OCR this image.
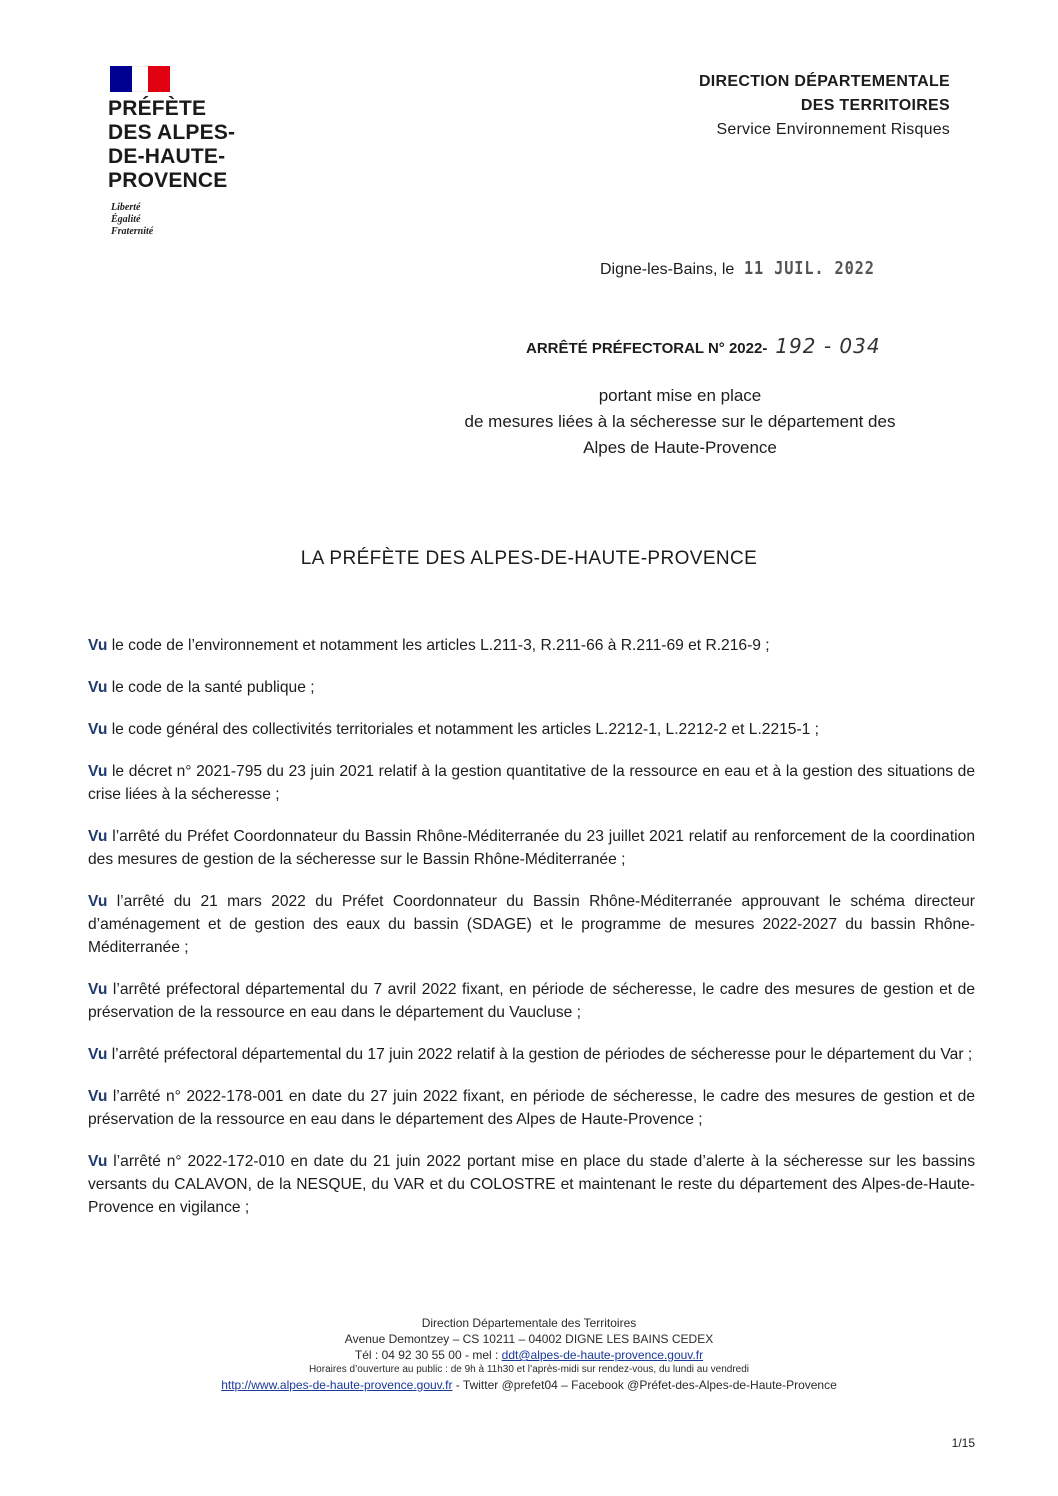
PRÉFÈTE
DES ALPES-
DE-HAUTE-
PROVENCE
Liberté
Égalité
Fraternité
DIRECTION DÉPARTEMENTALE
DES TERRITOIRES
Service Environnement Risques
Digne-les-Bains, le 11 JUIL. 2022
ARRÊTÉ PRÉFECTORAL N° 2022- 192 - 034
portant mise en place
de mesures liées à la sécheresse sur le département des
Alpes de Haute-Provence
LA PRÉFÈTE DES ALPES-DE-HAUTE-PROVENCE

Vu le code de l’environnement et notamment les articles L.211-3, R.211-66 à R.211-69 et R.216-9 ;

Vu le code de la santé publique ;

Vu le code général des collectivités territoriales et notamment les articles L.2212-1, L.2212-2 et L.2215-1 ;

Vu le décret n° 2021-795 du 23 juin 2021 relatif à la gestion quantitative de la ressource en eau et à la gestion des situations de crise liées à la sécheresse ;

Vu l’arrêté du Préfet Coordonnateur du Bassin Rhône-Méditerranée du 23 juillet 2021 relatif au renforcement de la coordination des mesures de gestion de la sécheresse sur le Bassin Rhône-Méditerranée ;

Vu l’arrêté du 21 mars 2022 du Préfet Coordonnateur du Bassin Rhône-Méditerranée approuvant le schéma directeur d’aménagement et de gestion des eaux du bassin (SDAGE) et le programme de mesures 2022-2027 du bassin Rhône-Méditerranée ;

Vu l’arrêté préfectoral départemental du 7 avril 2022 fixant, en période de sécheresse, le cadre des mesures de gestion et de préservation de la ressource en eau dans le département du Vaucluse ;

Vu l’arrêté préfectoral départemental du 17 juin 2022 relatif à la gestion de périodes de sécheresse pour le département du Var ;

Vu l’arrêté n° 2022-178-001 en date du 27 juin 2022 fixant, en période de sécheresse, le cadre des mesures de gestion et de préservation de la ressource en eau dans le département des Alpes de Haute-Provence ;

Vu l’arrêté n° 2022-172-010 en date du 21 juin 2022 portant mise en place du stade d’alerte à la sécheresse sur les bassins versants du CALAVON, de la NESQUE, du VAR et du COLOSTRE et maintenant le reste du département des Alpes-de-Haute-Provence en vigilance ;

Direction Départementale des Territoires
Avenue Demontzey – CS 10211 – 04002 DIGNE LES BAINS CEDEX
Tél : 04 92 30 55 00 - mel : ddt@alpes-de-haute-provence.gouv.fr
Horaires d’ouverture au public : de 9h à 11h30 et l’après-midi sur rendez-vous, du lundi au vendredi
http://www.alpes-de-haute-provence.gouv.fr - Twitter @prefet04 – Facebook @Préfet-des-Alpes-de-Haute-Provence
1/15
